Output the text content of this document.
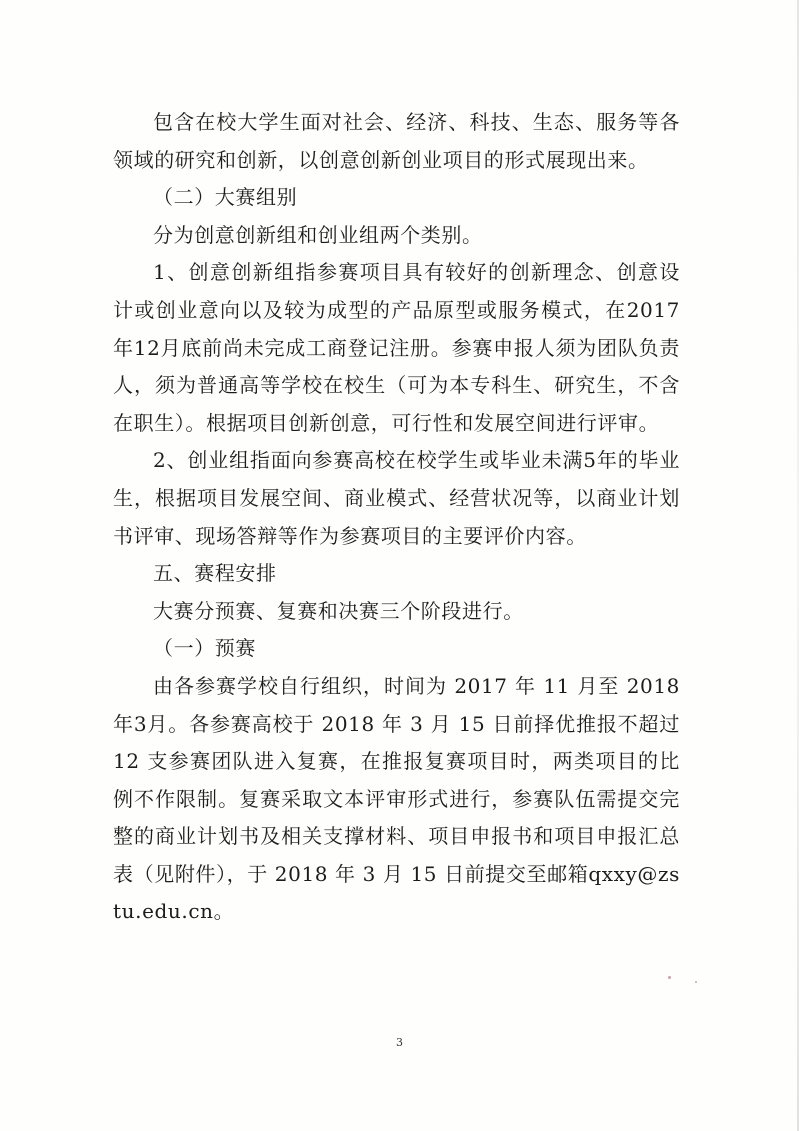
包含在校大学生面对社会、经济、科技、生态、服务等各领域的研究和创新，以创意创新创业项目的形式展现出来。

（二）大赛组别

分为创意创新组和创业组两个类别。

1、创意创新组指参赛项目具有较好的创新理念、创意设计或创业意向以及较为成型的产品原型或服务模式，在2017年12月底前尚未完成工商登记注册。参赛申报人须为团队负责人，须为普通高等学校在校生（可为本专科生、研究生，不含在职生）。根据项目创新创意，可行性和发展空间进行评审。

2、创业组指面向参赛高校在校学生或毕业未满5年的毕业生，根据项目发展空间、商业模式、经营状况等，以商业计划书评审、现场答辩等作为参赛项目的主要评价内容。

五、赛程安排

大赛分预赛、复赛和决赛三个阶段进行。

（一）预赛

由各参赛学校自行组织，时间为 2017 年 11 月至 2018 年3月。各参赛高校于 2018 年 3 月 15 日前择优推报不超过12 支参赛团队进入复赛，在推报复赛项目时，两类项目的比例不作限制。复赛采取文本评审形式进行，参赛队伍需提交完整的商业计划书及相关支撑材料、项目申报书和项目申报汇总表（见附件），于 2018 年 3 月 15 日前提交至邮箱qxxy@zstu.edu.cn。

3
